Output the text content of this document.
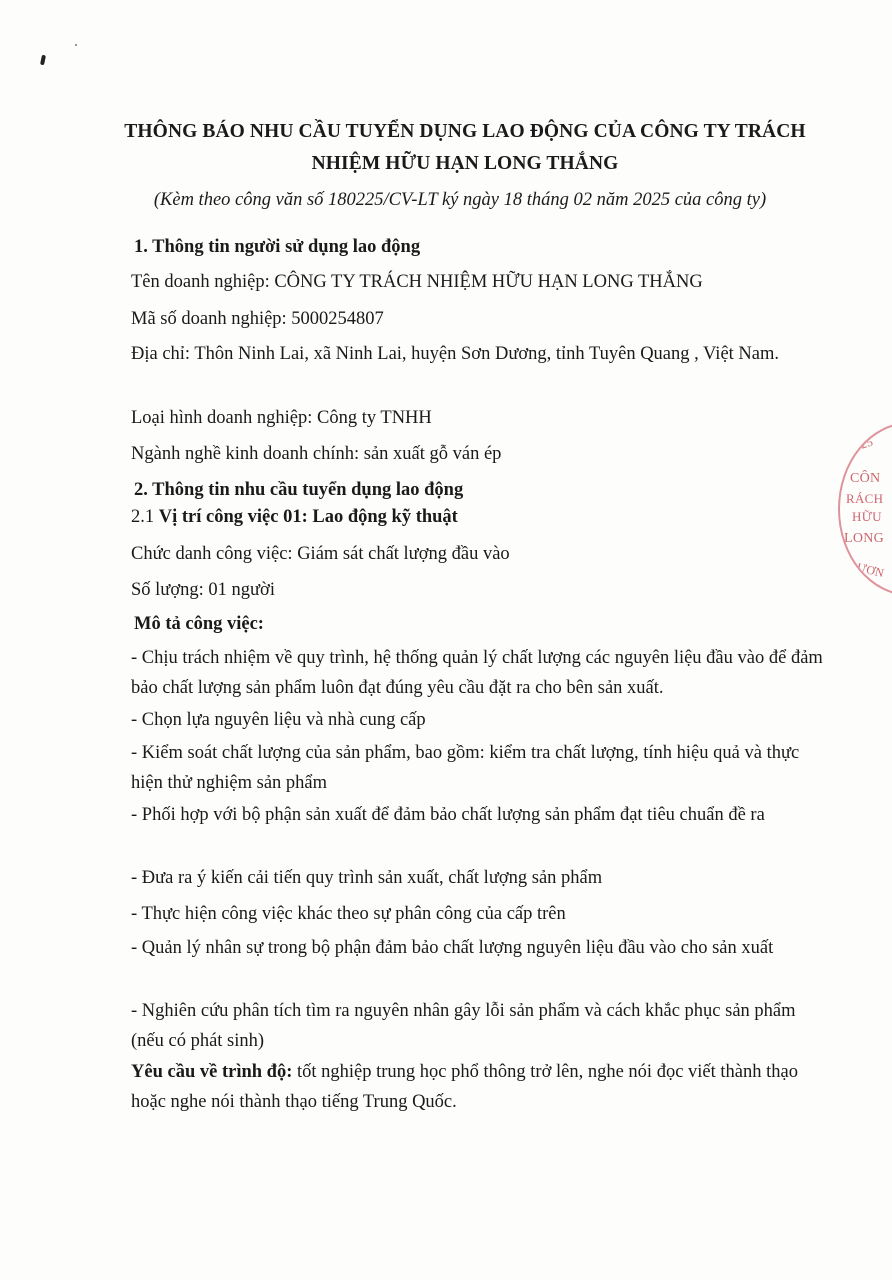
THÔNG BÁO NHU CẦU TUYỂN DỤNG LAO ĐỘNG CỦA CÔNG TY TRÁCH
NHIỆM HỮU HẠN LONG THẮNG
(Kèm theo công văn số 180225/CV-LT ký ngày 18 tháng 02 năm 2025 của công ty)
1. Thông tin người sử dụng lao động
Tên doanh nghiệp: CÔNG TY TRÁCH NHIỆM HỮU HẠN LONG THẮNG
Mã số doanh nghiệp: 5000254807
Địa chỉ: Thôn Ninh Lai, xã Ninh Lai, huyện Sơn Dương, tỉnh Tuyên Quang , Việt Nam.
Loại hình doanh nghiệp: Công ty TNHH
Ngành nghề kinh doanh chính: sản xuất gỗ ván ép
2. Thông tin nhu cầu tuyển dụng lao động
2.1 Vị trí công việc 01: Lao động kỹ thuật
Chức danh công việc: Giám sát chất lượng đầu vào
Số lượng: 01 người
Mô tả công việc:
- Chịu trách nhiệm về quy trình, hệ thống quản lý chất lượng các nguyên liệu đầu vào để đảm bảo chất lượng sản phẩm luôn đạt đúng yêu cầu đặt ra cho bên sản xuất.
- Chọn lựa nguyên liệu và nhà cung cấp
- Kiểm soát chất lượng của sản phẩm, bao gồm: kiểm tra chất lượng, tính hiệu quả và thực hiện thử nghiệm sản phẩm
- Phối hợp với bộ phận sản xuất để đảm bảo chất lượng sản phẩm đạt tiêu chuẩn đề ra
- Đưa ra ý kiến cải tiến quy trình sản xuất, chất lượng sản phẩm
- Thực hiện công việc khác theo sự phân công của cấp trên
- Quản lý nhân sự trong bộ phận đảm bảo chất lượng nguyên liệu đầu vào cho sản xuất
- Nghiên cứu phân tích tìm ra nguyên nhân gây lỗi sản phẩm và cách khắc phục sản phẩm (nếu có phát sinh)
Yêu cầu về trình độ: tốt nghiệp trung học phổ thông trở lên, nghe nói đọc viết thành thạo hoặc nghe nói thành thạo tiếng Trung Quốc.
0025
CÔN
RÁCH
HỮU
LONG
DƯƠN
